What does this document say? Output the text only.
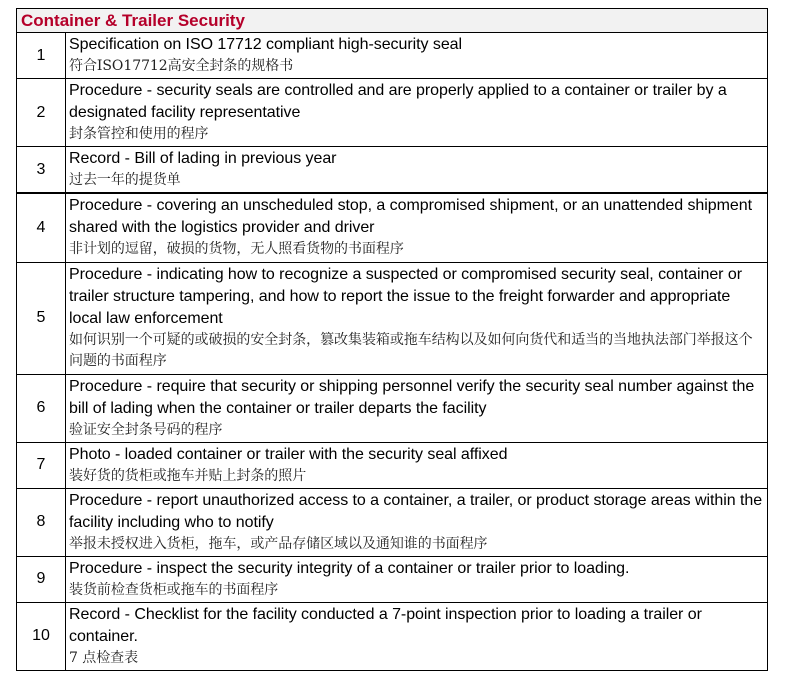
Container & Trailer Security
1	Specification on ISO 17712 compliant high-security seal
符合ISO17712高安全封条的规格书

2	Procedure - security seals are controlled and are properly applied to a container or trailer by a designated facility representative
封条管控和使用的程序

3	Record - Bill of lading in previous year
过去一年的提货单

4	Procedure - covering an unscheduled stop, a compromised shipment, or an unattended shipment shared with the logistics provider and driver
非计划的逗留，破损的货物，无人照看货物的书面程序

5	Procedure - indicating how to recognize a suspected or compromised security seal, container or trailer structure tampering, and how to report the issue to the freight forwarder and appropriate local law enforcement
如何识别一个可疑的或破损的安全封条，篡改集装箱或拖车结构以及如何向货代和适当的当地执法部门举报这个问题的书面程序

6	Procedure - require that security or shipping personnel verify the security seal number against the bill of lading when the container or trailer departs the facility
验证安全封条号码的程序

7	Photo - loaded container or trailer with the security seal affixed
装好货的货柜或拖车并贴上封条的照片

8	Procedure - report unauthorized access to a container, a trailer, or product storage areas within the facility including who to notify
举报未授权进入货柜，拖车，或产品存储区域以及通知谁的书面程序

9	Procedure - inspect the security integrity of a container or trailer prior to loading.
装货前检查货柜或拖车的书面程序

10	Record - Checklist for the facility conducted a 7-point inspection prior to loading a trailer or container.
7 点检查表
